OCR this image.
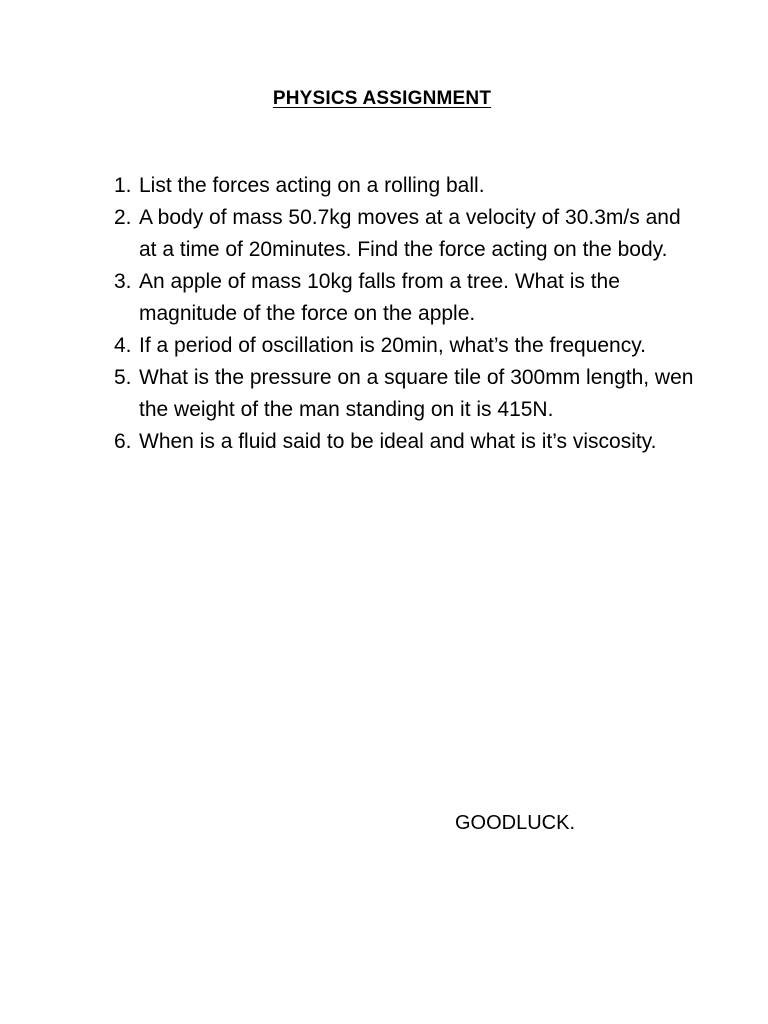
PHYSICS ASSIGNMENT
1. List the forces acting on a rolling ball.
2. A body of mass 50.7kg moves at a velocity of 30.3m/s and at a time of 20minutes. Find the force acting on the body.
3. An apple of mass 10kg falls from a tree. What is the magnitude of the force on the apple.
4. If a period of oscillation is 20min, what’s the frequency.
5. What is the pressure on a square tile of 300mm length, wen the weight of the man standing on it is 415N.
6. When is a fluid said to be ideal and what is it’s viscosity.
GOODLUCK.
